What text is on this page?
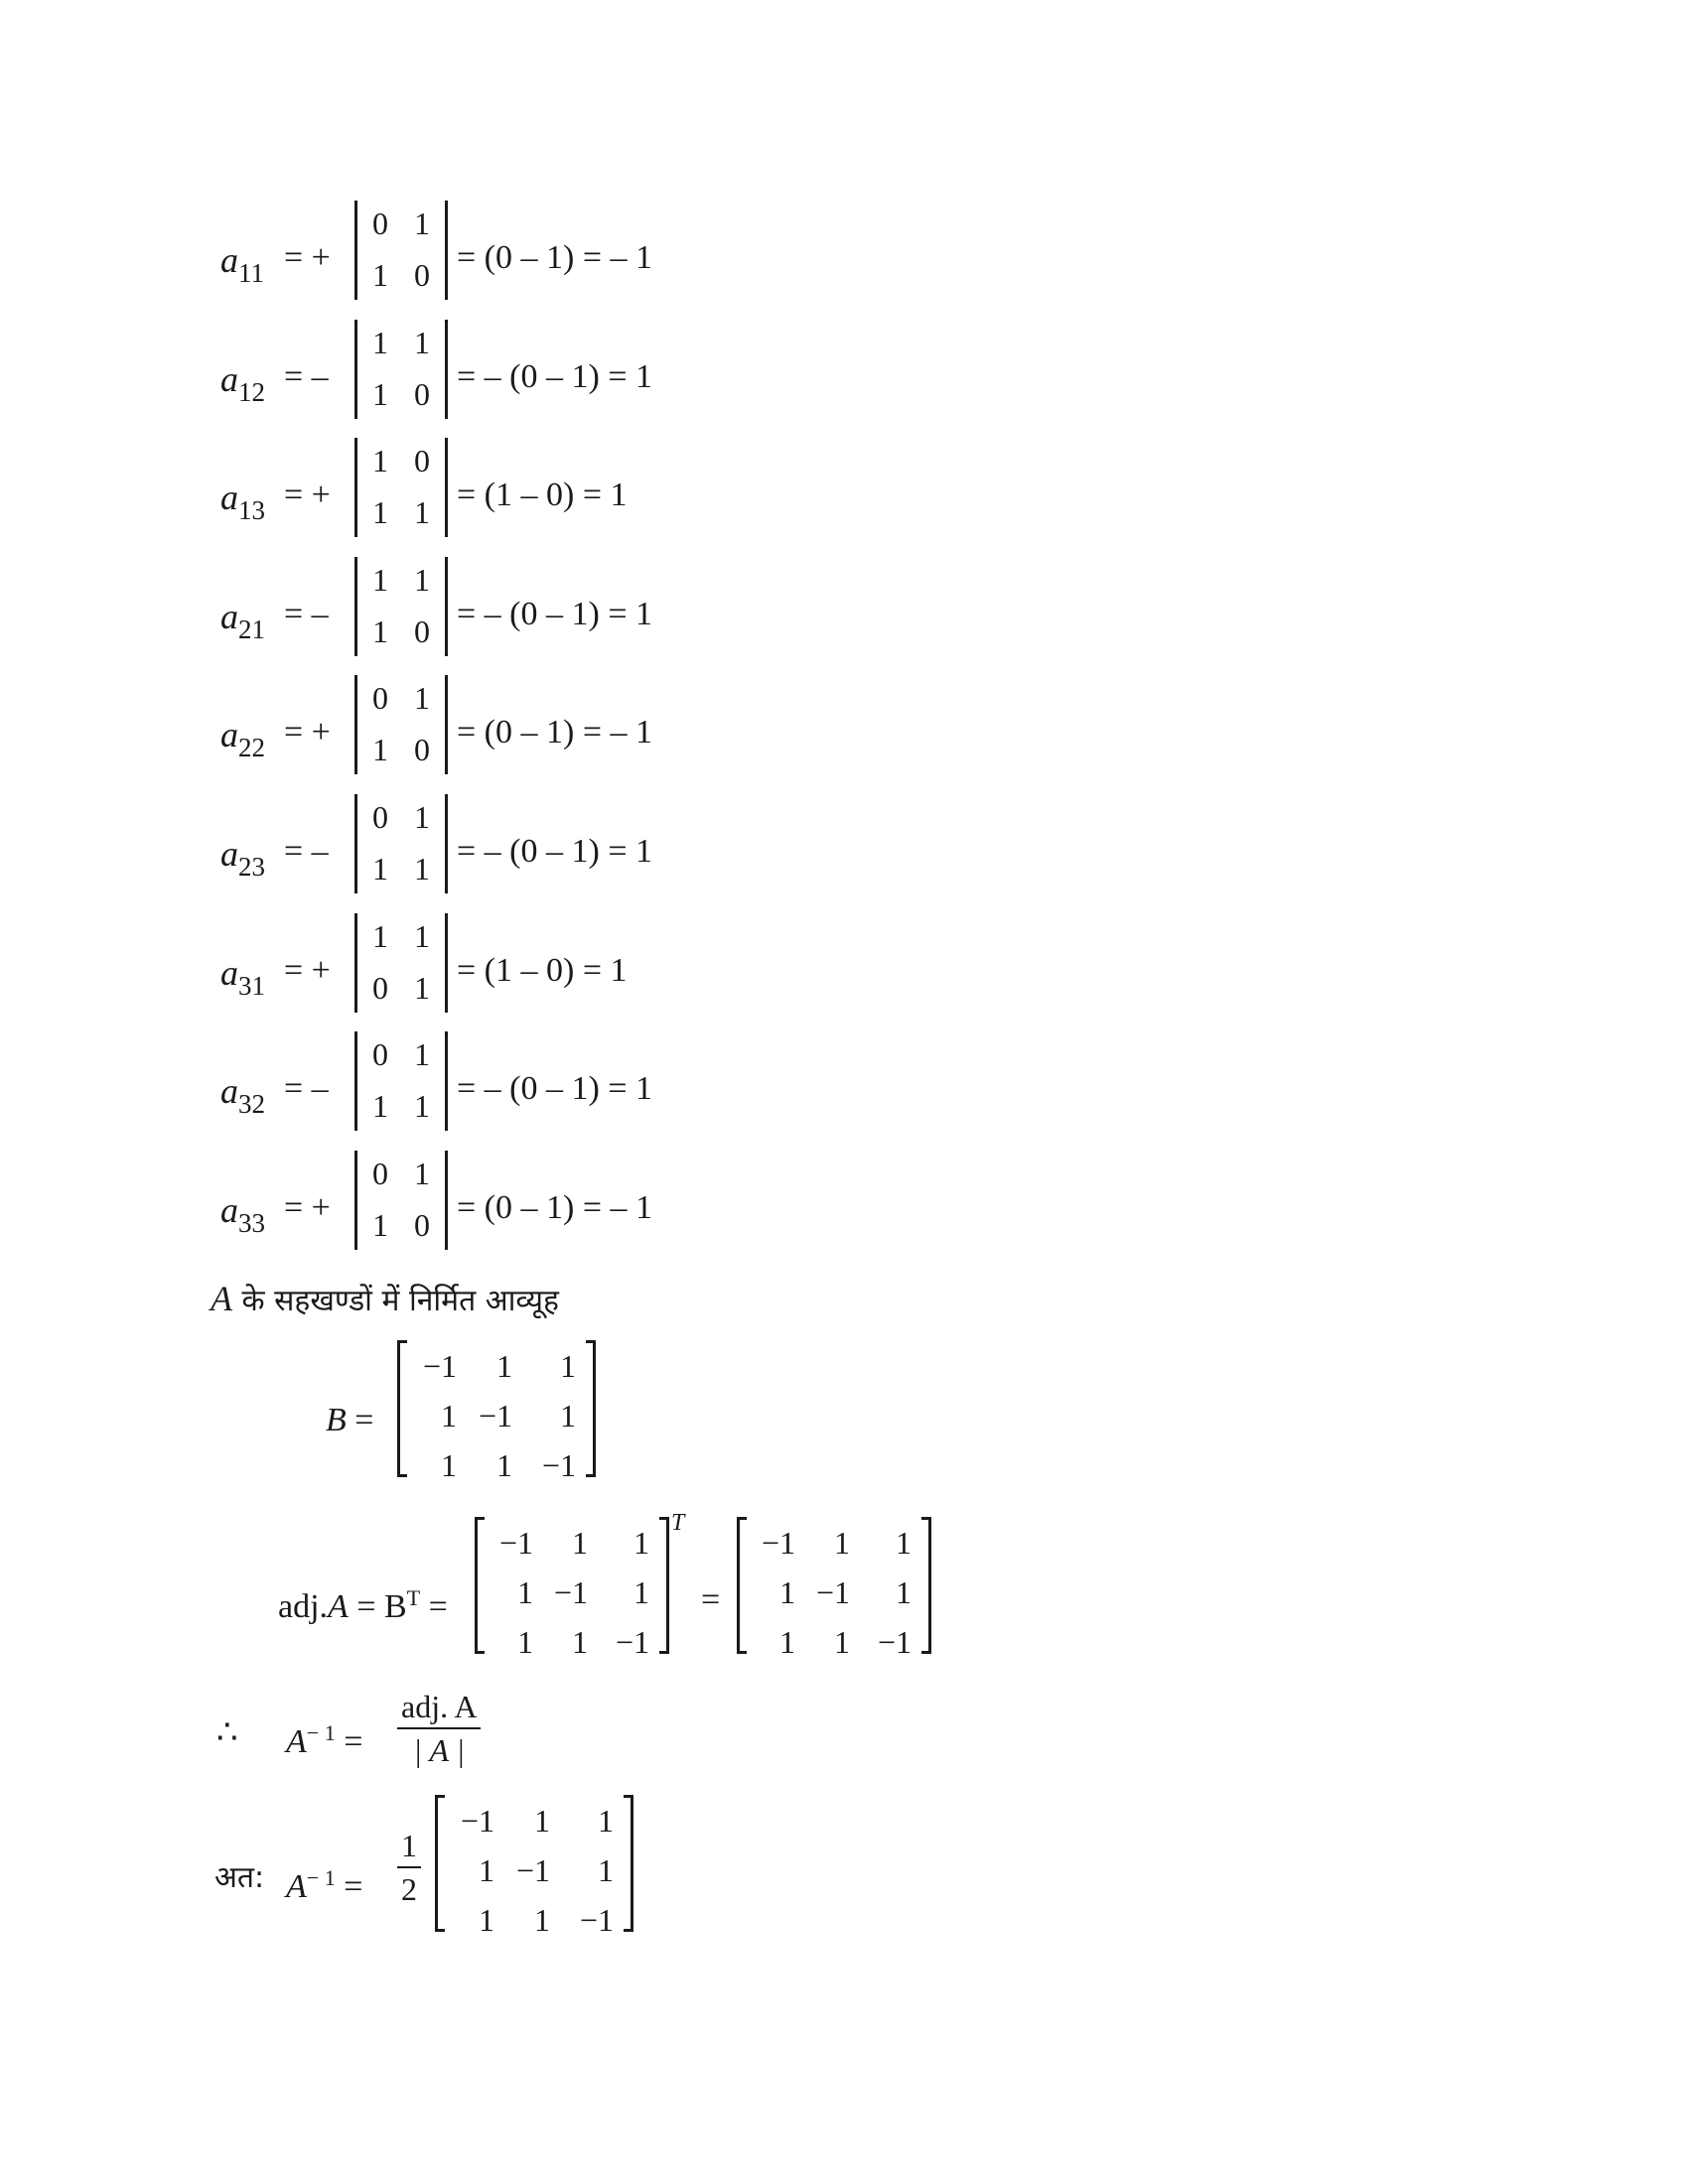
$a_{11}$ = +
0 1
1 0 = (0 – 1) = – 1
$a_{12}$ = –
1 1
1 0 = – (0 – 1) = 1
$a_{13}$ = +
1 0
1 1 = (1 – 0) = 1
$a_{21}$ = –
1 1
1 0 = – (0 – 1) = 1
$a_{22}$ = +
0 1
1 0 = (0 – 1) = – 1
$a_{23}$ = –
0 1
1 1 = – (0 – 1) = 1
$a_{31}$ = +
1 1
0 1 = (1 – 0) = 1
$a_{32}$ = –
0 1
1 1 = – (0 – 1) = 1
$a_{33}$ = +
0 1
1 0 = (0 – 1) = – 1
A के सहखण्डों में निर्मित आव्यूह
B =
−1	1	1
1 −1	1
1	1 −1
$adj.A = B^T$ =
−1	1	1
1 −1	1
1	1 −1
T
=
−1	1	1
1 −1	1
1	1 −1
∴ $A^{- 1}$ =
adj. A
| A |
अत: $A^{- 1}$ =
1
2
−1	1	1
1 −1	1
1	1 −1
